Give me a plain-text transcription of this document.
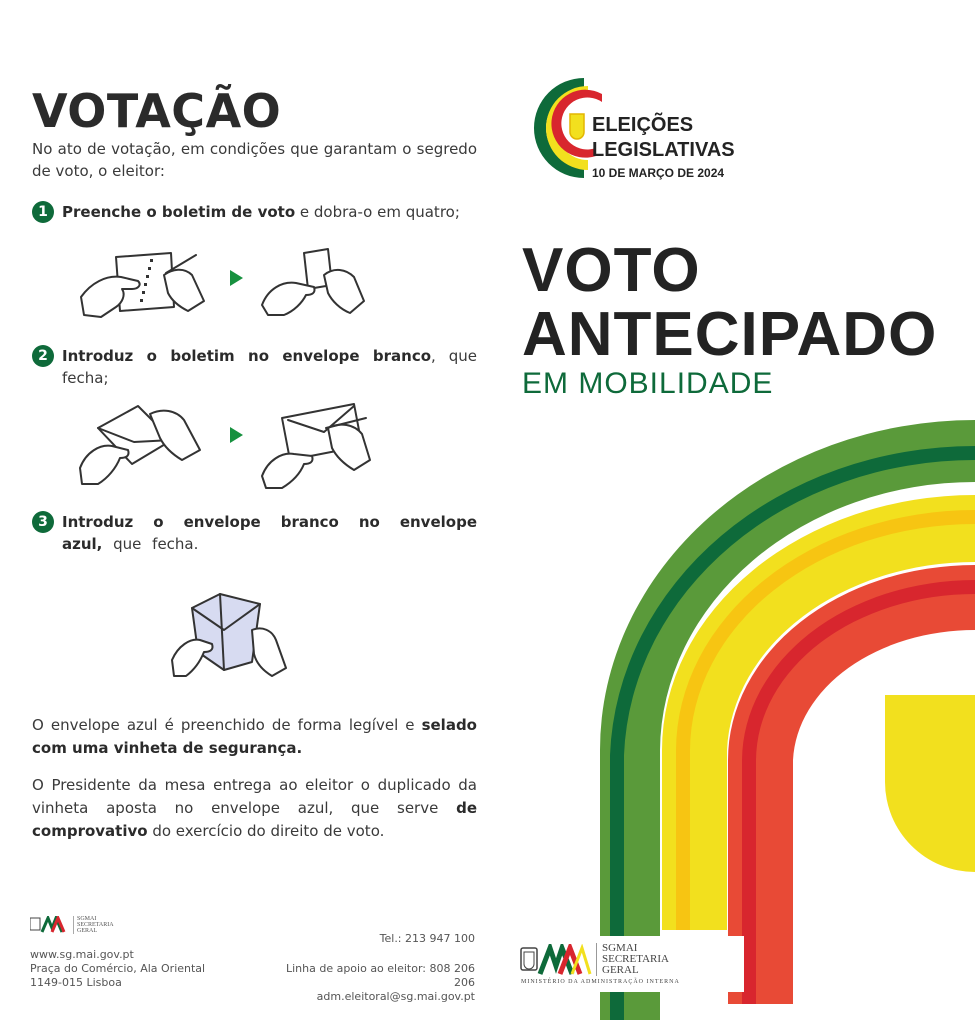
VOTAÇÃO
No ato de votação, em condições que garantam o segredo de voto, o eleitor:
1 Preenche o boletim de voto e dobra-o em quatro;
2 Introduz o boletim no envelope branco, que fecha;
3 Introduz o envelope branco no envelope azul, que fecha.
O envelope azul é preenchido de forma legível e selado com uma vinheta de segurança.
O Presidente da mesa entrega ao eleitor o duplicado da vinheta aposta no envelope azul, que serve de comprovativo do exercício do direito de voto.
SGMAI
SECRETARIA
GERAL
www.sg.mai.gov.pt
Praça do Comércio, Ala Oriental
1149-015 Lisboa
Tel.: 213 947 100
Linha de apoio ao eleitor: 808 206 206
adm.eleitoral@sg.mai.gov.pt
ELEIÇÕES
LEGISLATIVAS
10 DE MARÇO DE 2024
VOTO
ANTECIPADO
EM MOBILIDADE
SGMAI
SECRETARIA
GERAL
MINISTÉRIO DA ADMINISTRAÇÃO INTERNA
